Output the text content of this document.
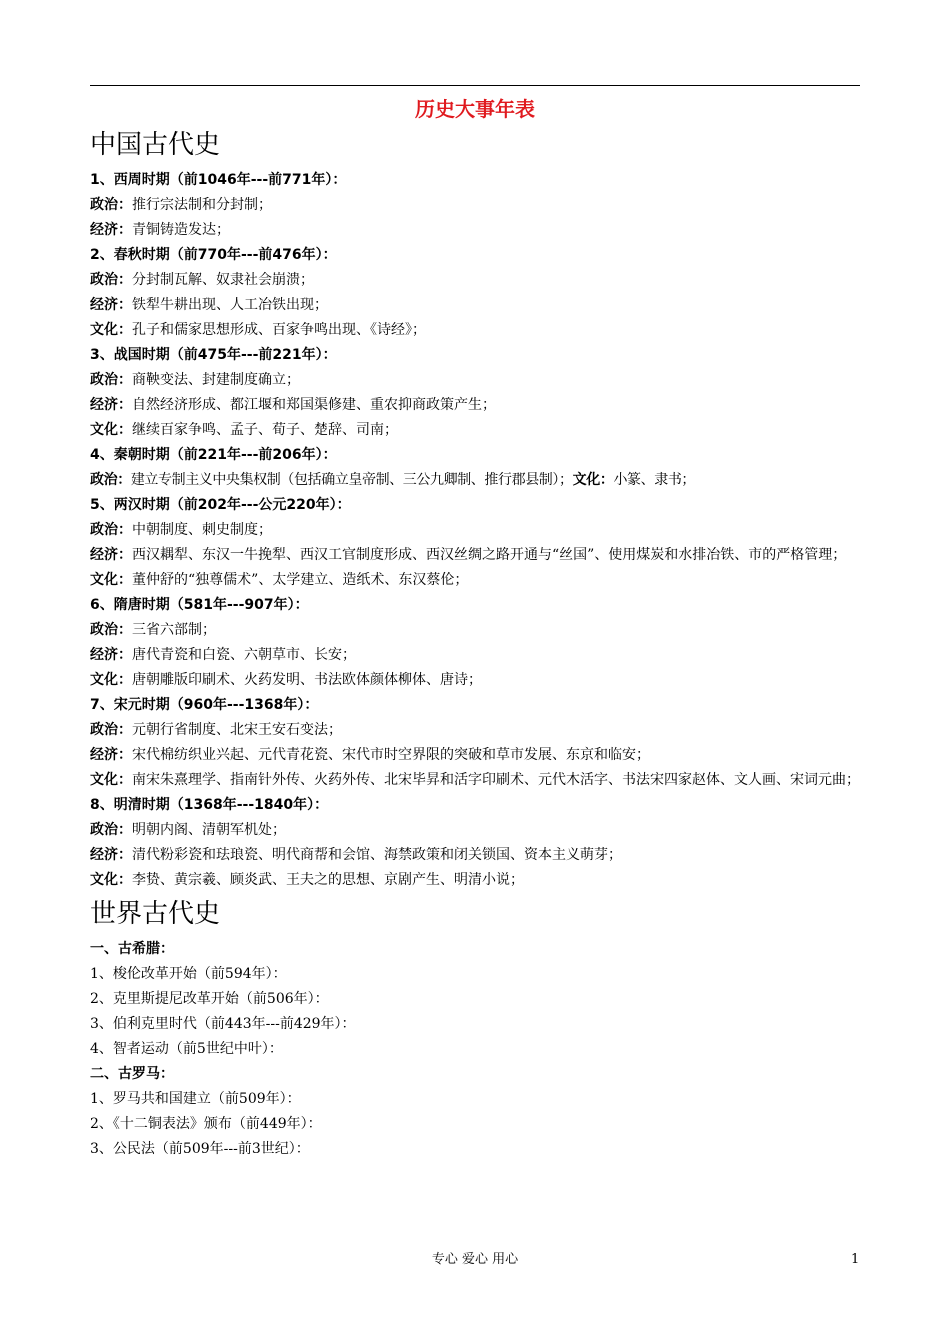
历史大事年表
中国古代史
1、西周时期（前1046年---前771年）：
政治：推行宗法制和分封制；
经济：青铜铸造发达；
2、春秋时期（前770年---前476年）：
政治：分封制瓦解、奴隶社会崩溃；
经济：铁犁牛耕出现、人工冶铁出现；
文化：孔子和儒家思想形成、百家争鸣出现、《诗经》；
3、战国时期（前475年---前221年）：
政治：商鞅变法、封建制度确立；
经济：自然经济形成、都江堰和郑国渠修建、重农抑商政策产生；
文化：继续百家争鸣、孟子、荀子、楚辞、司南；
4、秦朝时期（前221年---前206年）：
政治：建立专制主义中央集权制（包括确立皇帝制、三公九卿制、推行郡县制）；文化：小篆、隶书；
5、两汉时期（前202年---公元220年）：
政治：中朝制度、刺史制度；
经济：西汉耦犁、东汉一牛挽犁、西汉工官制度形成、西汉丝绸之路开通与“丝国”、使用煤炭和水排冶铁、市的严格管理；
文化：董仲舒的“独尊儒术”、太学建立、造纸术、东汉蔡伦；
6、隋唐时期（581年---907年）：
政治：三省六部制；
经济：唐代青瓷和白瓷、六朝草市、长安；
文化：唐朝雕版印刷术、火药发明、书法欧体颜体柳体、唐诗；
7、宋元时期（960年---1368年）：
政治：元朝行省制度、北宋王安石变法；
经济：宋代棉纺织业兴起、元代青花瓷、宋代市时空界限的突破和草市发展、东京和临安；
文化：南宋朱熹理学、指南针外传、火药外传、北宋毕昇和活字印刷术、元代木活字、书法宋四家赵体、文人画、宋词元曲；
8、明清时期（1368年---1840年）：
政治：明朝内阁、清朝军机处；
经济：清代粉彩瓷和珐琅瓷、明代商帮和会馆、海禁政策和闭关锁国、资本主义萌芽；
文化：李贽、黄宗羲、顾炎武、王夫之的思想、京剧产生、明清小说；
世界古代史
一、古希腊：
1、梭伦改革开始（前594年）：
2、克里斯提尼改革开始（前506年）：
3、伯利克里时代（前443年---前429年）：
4、智者运动（前5世纪中叶）：
二、古罗马：
1、罗马共和国建立（前509年）：
2、《十二铜表法》颁布（前449年）：
3、公民法（前509年---前3世纪）：
专心 爱心 用心	1
